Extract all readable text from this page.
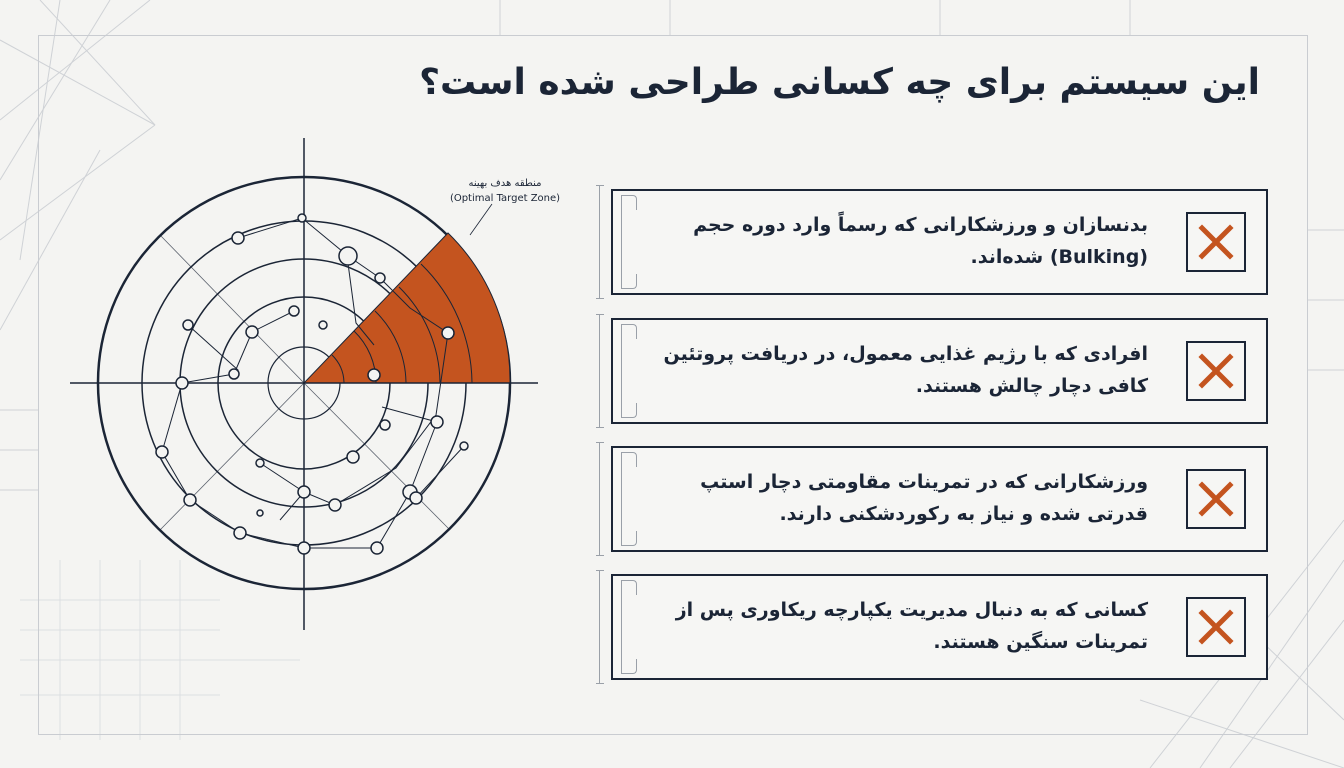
این سیستم برای چه کسانی طراحی شده است؟
منطقه هدف بهینه
(Optimal Target Zone)
بدنسازان و ورزشکارانی که رسماً وارد دوره حجم (Bulking) شده‌اند.
افرادی که با رژیم غذایی معمول، در دریافت پروتئین کافی دچار چالش هستند.
ورزشکارانی که در تمرینات مقاومتی دچار استپ قدرتی شده و نیاز به رکوردشکنی دارند.
کسانی که به دنبال مدیریت یکپارچه ریکاوری پس از تمرینات سنگین هستند.
